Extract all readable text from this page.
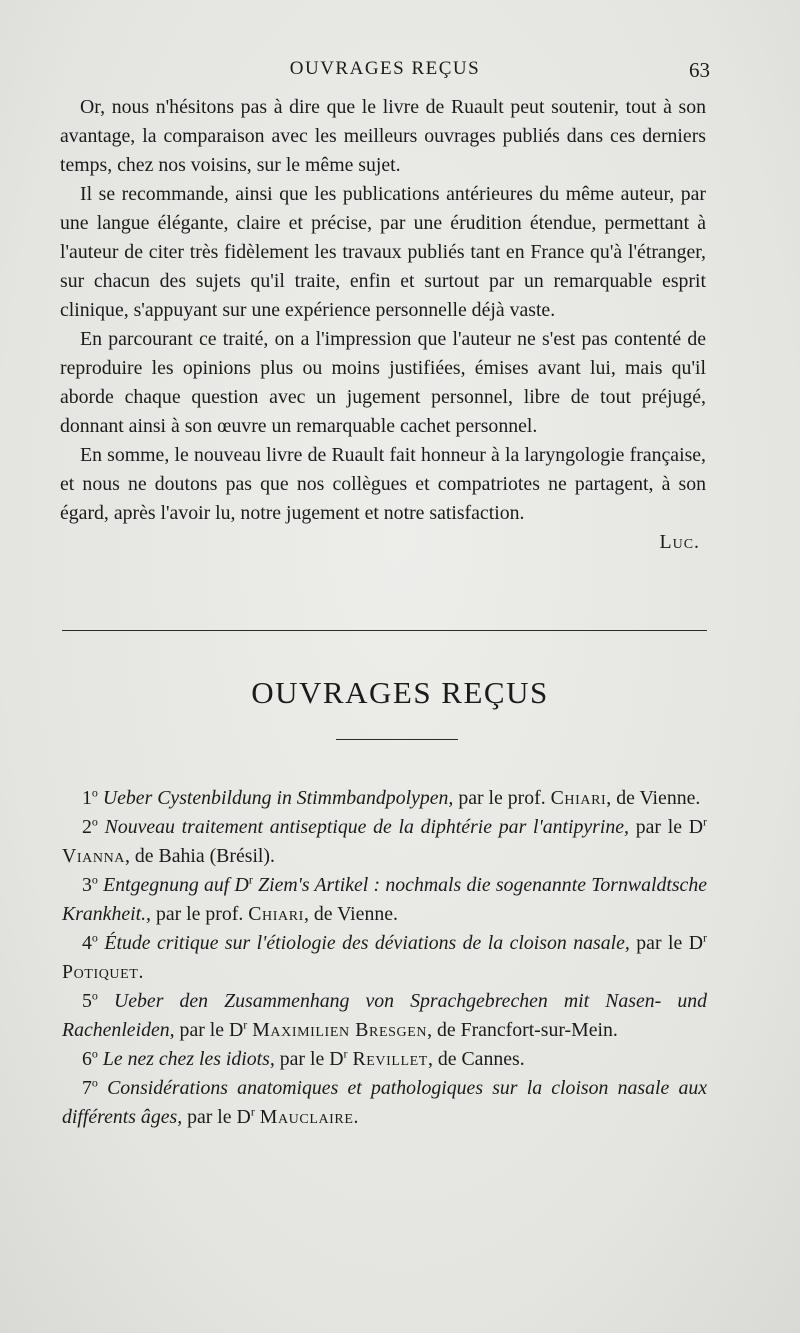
OUVRAGES REÇUS	63

Or, nous n'hésitons pas à dire que le livre de Ruault peut soutenir, tout à son avantage, la comparaison avec les meilleurs ouvrages publiés dans ces derniers temps, chez nos voisins, sur le même sujet.

Il se recommande, ainsi que les publications antérieures du même auteur, par une langue élégante, claire et précise, par une érudition étendue, permettant à l'auteur de citer très fidèlement les travaux publiés tant en France qu'à l'étranger, sur chacun des sujets qu'il traite, enfin et surtout par un remarquable esprit clinique, s'appuyant sur une expérience personnelle déjà vaste.

En parcourant ce traité, on a l'impression que l'auteur ne s'est pas contenté de reproduire les opinions plus ou moins justifiées, émises avant lui, mais qu'il aborde chaque question avec un jugement personnel, libre de tout préjugé, donnant ainsi à son œuvre un remarquable cachet personnel.

En somme, le nouveau livre de Ruault fait honneur à la laryngologie française, et nous ne doutons pas que nos collègues et compatriotes ne partagent, à son égard, après l'avoir lu, notre jugement et notre satisfaction.

Luc.

OUVRAGES REÇUS

1$^o$ Ueber Cystenbildung in Stimmbandpolypen, par le prof. Chiari, de Vienne.

2$^o$ Nouveau traitement antiseptique de la diphtérie par l'antipyrine, par le $D^r$ Vianna, de Bahia (Brésil).

3$^o$ Entgegnung auf $D^r$ Ziem's Artikel : nochmals die sogenannte Tornwaldtsche Krankheit., par le prof. Chiari, de Vienne.

4$^o$ Étude critique sur l'étiologie des déviations de la cloison nasale, par le $D^r$ Potiquet.

5$^o$ Ueber den Zusammenhang von Sprachgebrechen mit Nasen- und Rachenleiden, par le $D^r$ Maximilien Bresgen, de Francfort-sur-Mein.

6$^o$ Le nez chez les idiots, par le $D^r$ Revillet, de Cannes.

7$^o$ Considérations anatomiques et pathologiques sur la cloison nasale aux différents âges, par le $D^r$ Mauclaire.
